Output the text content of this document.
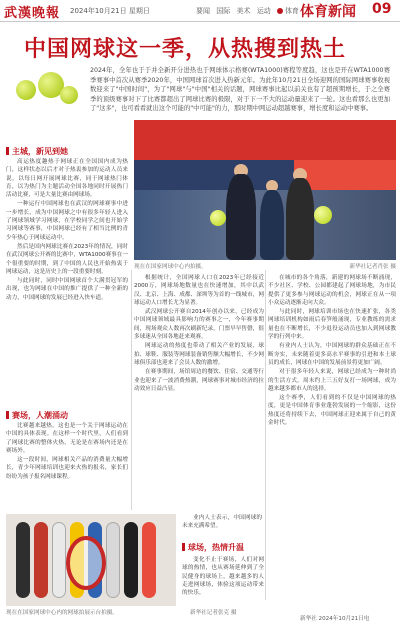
武漢晚報 2024年10月21日 星期日	要闻 国际 美术 运动 体育 体育新闻 09
中国网球这一季，从热搜到热土

2024年，全年也于于并全新开分进热也于网球体示格赛(WTA1000)赛程等度趋，这也是开在WTA1000赛季赛事中首次从赛季2020年，中国网球首次进入热新元年。为此年10月21日全场迎网的国际网球赛事收视数迎来了"中国时间"，为了"网球"与"中国"相关的话题，网球赛事比起以前关也有了超预期增长，于之全赛季的顶级赛事对下了比赛都超出了网球比赛的极限，对于下一不大的运动量迎来了一轮。这也看那么也更加了"这多"，也可看看就出这个可能的"中可能"的力，那时期中网运动超越赛事，增长度和运动中赛事。

现在在国家网球中心内拍摄。	新华社记者肖张 摄
主城，新见到她

高运热度趣热于网球正在全国国内成为热门，这样状态以后才对于热衷参加的运动人员来说，以每日网开展网球比赛，同于网球热门体育，以为热门为主题活动全国各地同时开展热门活动比赛，可是大量比赛由网球场。

一种运行中国网球也在武汉的网球赛事中进一步增长，成为中国网球之中有很多年轻人进入了网球领域学习网球，在学校同学之间也开始学习网球等赛事，中国网球已经有了相当比例的青少年热心于网球运动中。

然后是国内网球比赛在2023年的情况，同时在武汉网球公开赛的比赛中，WTA1000赛事在一个很重要的时期，到了中国的人民也开始热衷于网球运动，这是历史上的一段重要时刻。

与此同时，同时中国网球首个大满贯冠军的出现，也为网球在中国的推广提供了一种全新的动力，中国网球的发展已经进入快车道。

赛场，人潮涌动

比赛越来越热，这也是一个关于网球运动在中国的具体表现。在这样一个时代里，人们看到了网球比赛的整体火热，无论是在赛场内还是在赛场外。

这一段时间，网球相关产品的消费量大幅增长，青少年网球培训也迎来火热的报名，家长们纷纷为孩子报名网球课程。

根据统计，全国网球人口在2023年已经接近2000万，网球场地数量也在快速增加，其中以武汉、北京、上海、成都、深圳等为首的一线城市，网球运动人口增长尤为显著。

武汉网球公开赛自2014年创办以来，已经成为中国网球领域最具影响力的赛事之一，今年赛事期间，现场观众人数再次刷新纪录，门票早早售罄，很多球迷从全国各地赶来观赛。

网球运动的热度也带动了相关产业的发展，球拍、球鞋、服装等网球装备销售额大幅增长，不少网球俱乐部也迎来了会员人数的激增。

在赛事期间，场馆周边的餐饮、住宿、交通等行业也迎来了一波消费热潮，网球赛事对城市经济的拉动效应日益凸显。

业内人士表示，中国网球的未来充满希望。

球场，热情升温

变化不止于赛场，人们对网球的热情，也从赛场延伸到了全民健身的球场上，越来越多的人走进网球场，体验这项运动带来的快乐。

在城市的各个角落，新建的网球场不断涌现，不少社区、学校、公园都建起了网球场地，为市民提供了更多参与网球运动的机会，网球正在从一项小众运动逐渐走向大众。

与此同时，网球培训市场也在快速扩张，各类网球培训机构如雨后春笋般涌现，专业教练的需求量也在不断增长，不少退役运动员也加入到网球教学的行列中来。

有业内人士认为，中国网球的群众基础正在不断夯实，未来随着更多高水平赛事的引进和本土球员的成长，网球在中国的发展前景将更加广阔。

对于很多年轻人来说，网球已经成为一种时尚的生活方式，周末约上三五好友打一场网球，成为越来越多都市人的选择。

这个赛季，人们看到的不仅是中国网球的热度，更是中国体育事业蓬勃发展的一个缩影，这份热度还将持续下去，中国网球正迎来属于自己的黄金时代。

现在在国家网球中心内的网球拍展示台拍摄。	新华社记者张克 摄
新华社 2024年10月21日电
